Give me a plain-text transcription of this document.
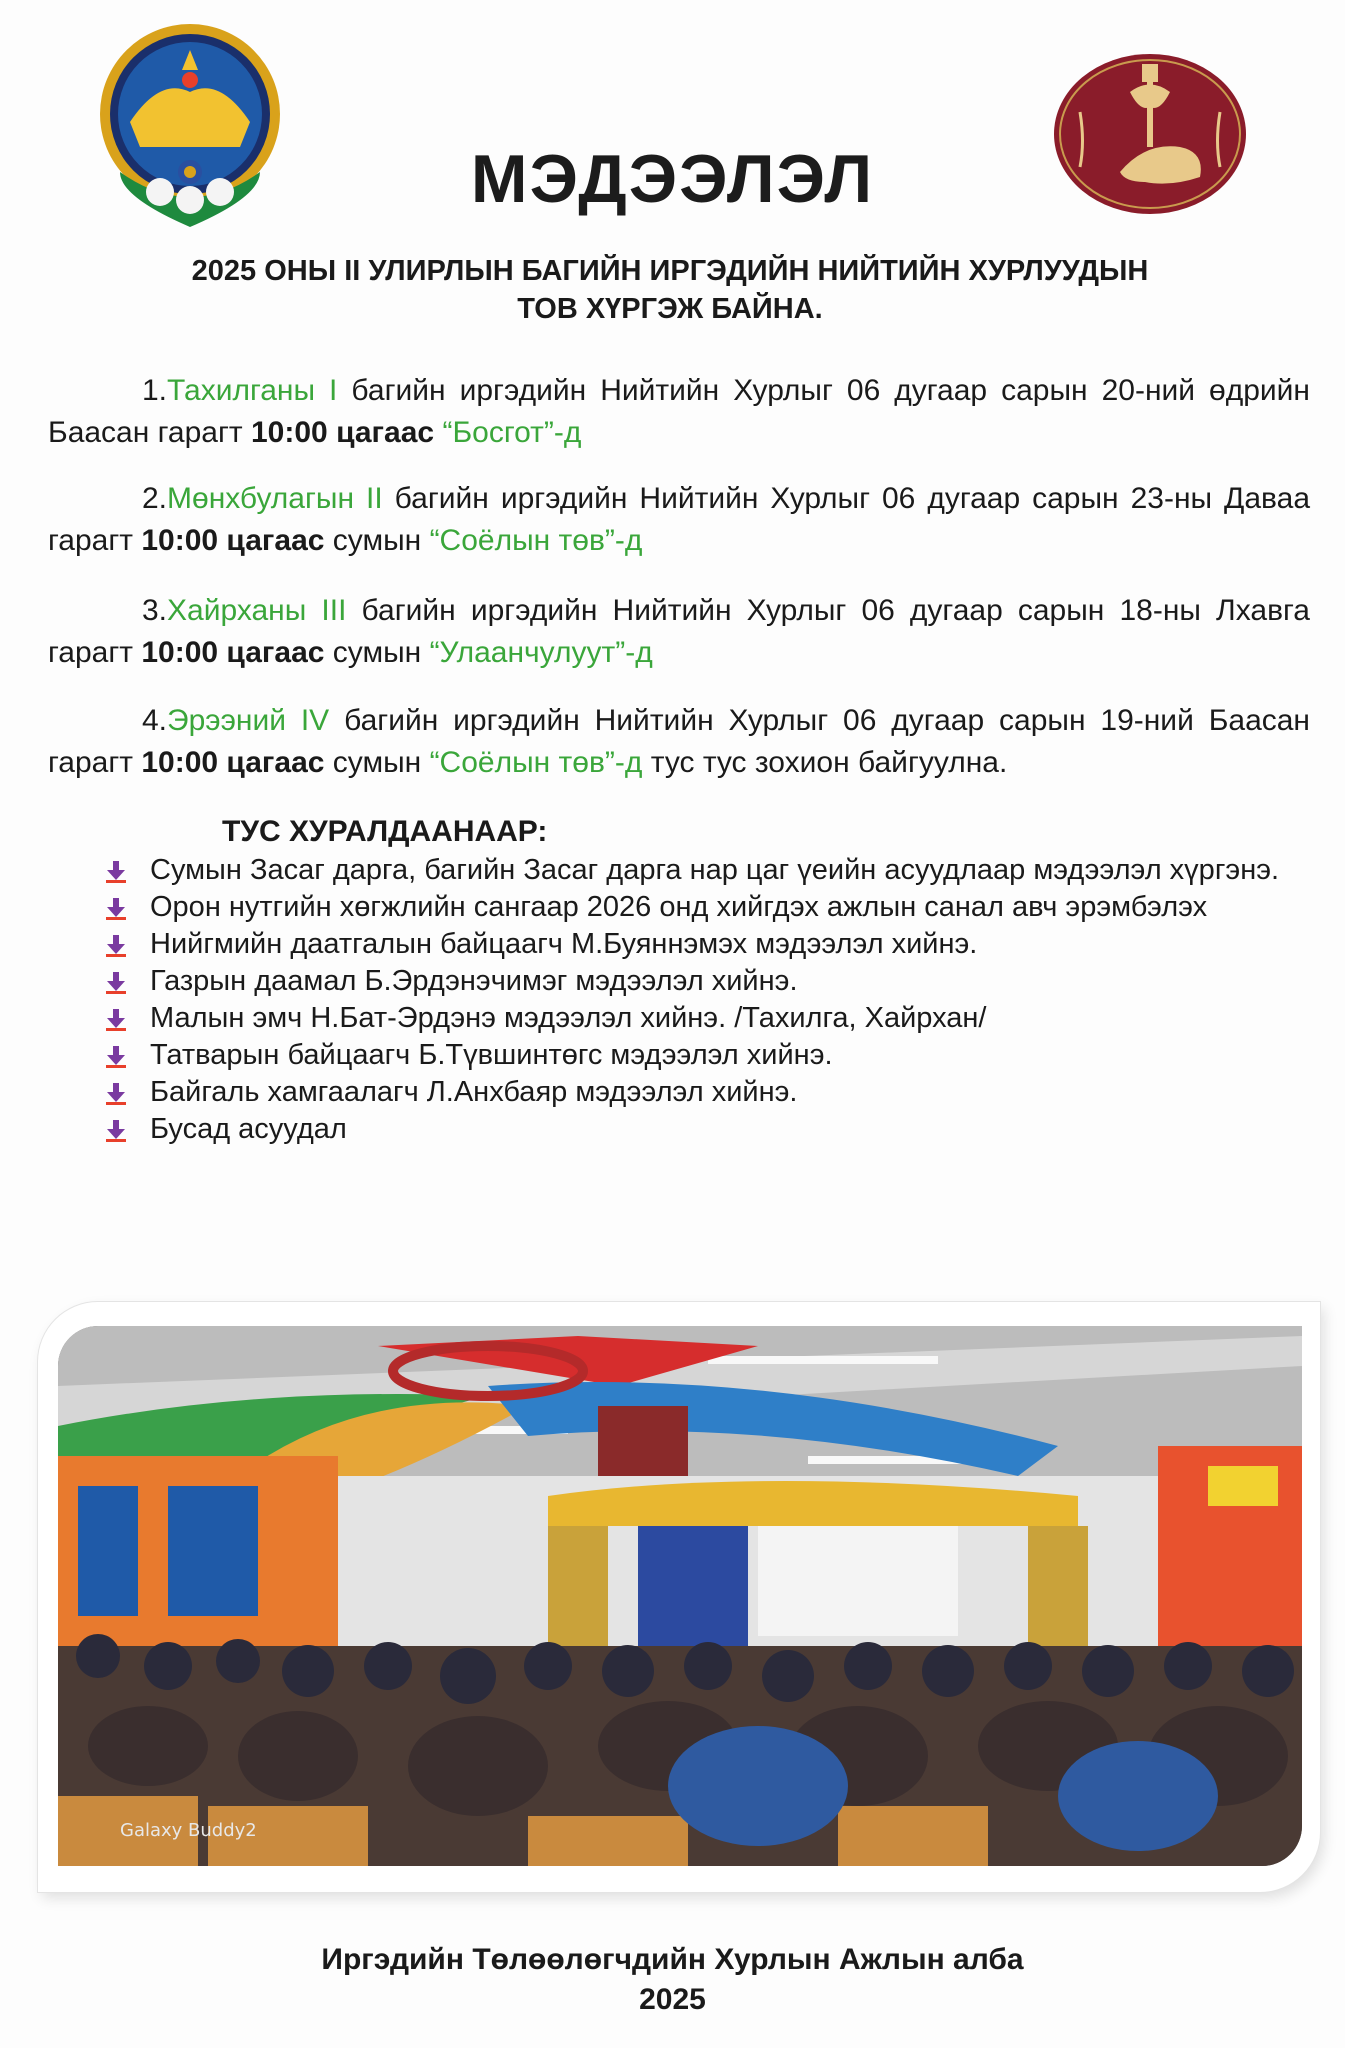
МЭДЭЭЛЭЛ
2025 ОНЫ II УЛИРЛЫН БАГИЙН ИРГЭДИЙН НИЙТИЙН ХУРЛУУДЫН
ТОВ ХҮРГЭЖ БАЙНА.

1.Тахилганы I багийн иргэдийн Нийтийн Хурлыг 06 дугаар сарын 20-ний өдрийн Баасан гарагт 10:00 цагаас “Босгот”-д

2.Мөнхбулагын II багийн иргэдийн Нийтийн Хурлыг 06 дугаар сарын 23-ны Даваа гарагт 10:00 цагаас сумын “Соёлын төв”-д

3.Хайрханы III багийн иргэдийн Нийтийн Хурлыг 06 дугаар сарын 18-ны Лхавга гарагт 10:00 цагаас сумын “Улаанчулуут”-д

4.Эрээний IV багийн иргэдийн Нийтийн Хурлыг 06 дугаар сарын 19-ний Баасан гарагт 10:00 цагаас сумын “Соёлын төв”-д тус тус зохион байгуулна.

ТУС ХУРАЛДААНААР:
Сумын Засаг дарга, багийн Засаг дарга нар цаг үеийн асуудлаар мэдээлэл хүргэнэ.
Орон нутгийн хөгжлийн сангаар 2026 онд хийгдэх ажлын санал авч эрэмбэлэх
Нийгмийн даатгалын байцаагч М.Буяннэмэх мэдээлэл хийнэ.
Газрын даамал Б.Эрдэнэчимэг мэдээлэл хийнэ.
Малын эмч Н.Бат-Эрдэнэ мэдээлэл хийнэ. /Тахилга, Хайрхан/
Татварын байцаагч Б.Түвшинтөгс мэдээлэл хийнэ.
Байгаль хамгаалагч Л.Анхбаяр мэдээлэл хийнэ.
Бусад асуудал
Galaxy Buddy2
Иргэдийн Төлөөлөгчдийн Хурлын Ажлын алба
2025
